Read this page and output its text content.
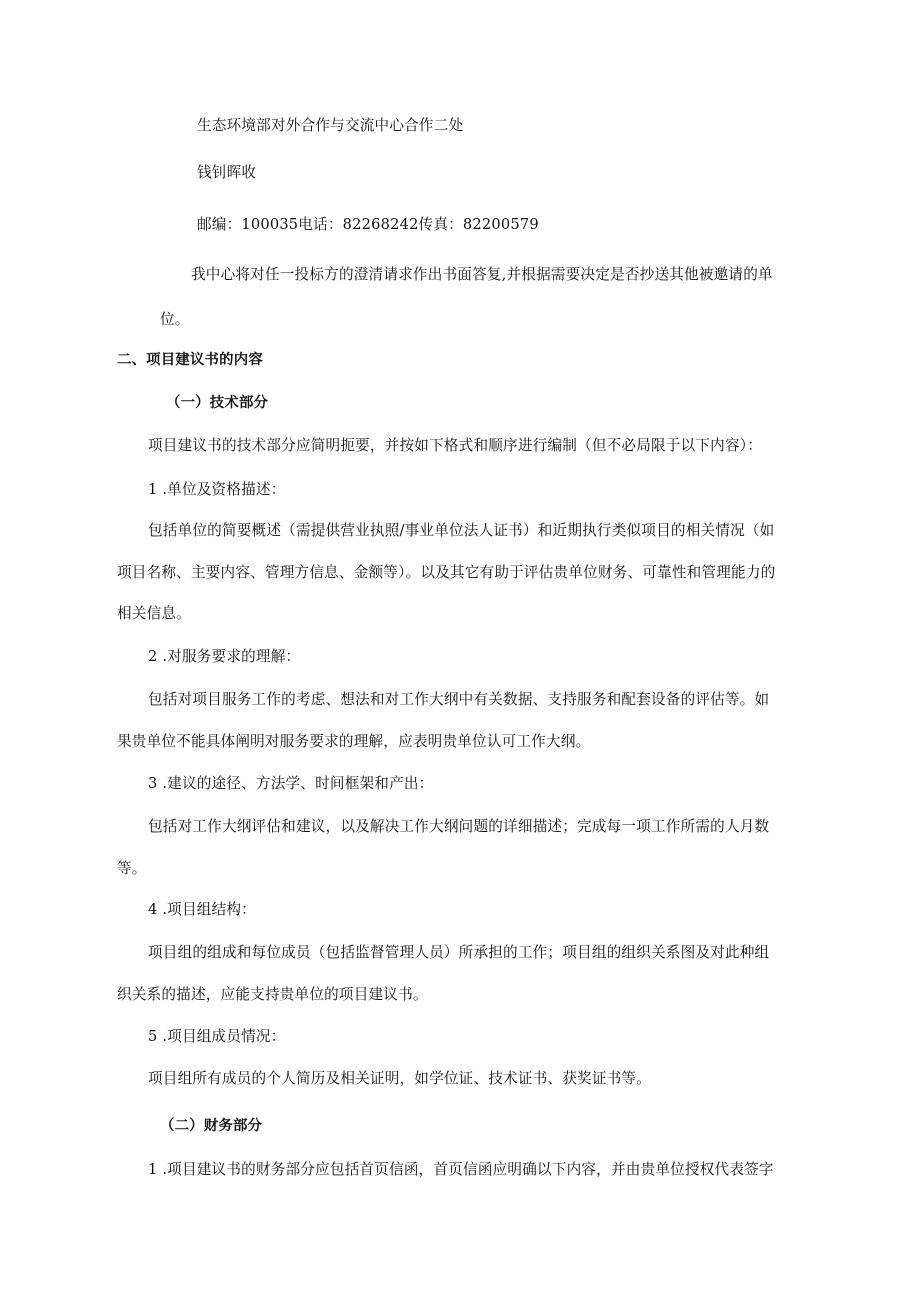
生态环境部对外合作与交流中心合作二处
钱钊晖收
邮编：100035电话：82268242传真：82200579
我中心将对任一投标方的澄清请求作出书面答复,并根据需要决定是否抄送其他被邀请的单
位。
二、项目建议书的内容
（一）技术部分
项目建议书的技术部分应简明扼要，并按如下格式和顺序进行编制（但不必局限于以下内容）：
1 .单位及资格描述：
包括单位的简要概述（需提供营业执照/事业单位法人证书）和近期执行类似项目的相关情况（如
项目名称、主要内容、管理方信息、金额等）。以及其它有助于评估贵单位财务、可靠性和管理能力的
相关信息。
2 .对服务要求的理解：
包括对项目服务工作的考虑、想法和对工作大纲中有关数据、支持服务和配套设备的评估等。如
果贵单位不能具体阐明对服务要求的理解，应表明贵单位认可工作大纲。
3 .建议的途径、方法学、时间框架和产出：
包括对工作大纲评估和建议，以及解决工作大纲问题的详细描述；完成每一项工作所需的人月数
等。
4 .项目组结构：
项目组的组成和每位成员（包括监督管理人员）所承担的工作；项目组的组织关系图及对此种组
织关系的描述，应能支持贵单位的项目建议书。
5 .项目组成员情况：
项目组所有成员的个人简历及相关证明，如学位证、技术证书、获奖证书等。
（二）财务部分
1 .项目建议书的财务部分应包括首页信函，首页信函应明确以下内容，并由贵单位授权代表签字
